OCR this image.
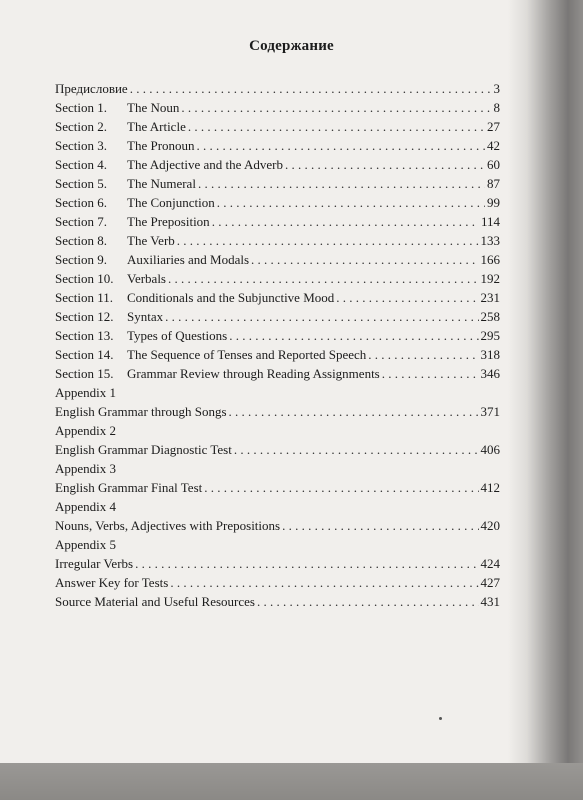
Содержание
Предисловие . . .	3
Section 1. The Noun . . .	8
Section 2. The Article . . .	27
Section 3. The Pronoun . . .	42
Section 4. The Adjective and the Adverb . . .	60
Section 5. The Numeral . . .	87
Section 6. The Conjunction . . .	99
Section 7. The Preposition . . .	114
Section 8. The Verb . . .	133
Section 9. Auxiliaries and Modals . . .	166
Section 10. Verbals . . .	192
Section 11. Conditionals and the Subjunctive Mood . . .	231
Section 12. Syntax . . .	258
Section 13. Types of Questions . . .	295
Section 14. The Sequence of Tenses and Reported Speech . . .	318
Section 15. Grammar Review through Reading Assignments . . .	346
Appendix 1
English Grammar through Songs . . .	371
Appendix 2
English Grammar Diagnostic Test . . .	406
Appendix 3
English Grammar Final Test . . .	412
Appendix 4
Nouns, Verbs, Adjectives with Prepositions . . .	420
Appendix 5
Irregular Verbs . . .	424
Answer Key for Tests . . .	427
Source Material and Useful Resources . . .	431
